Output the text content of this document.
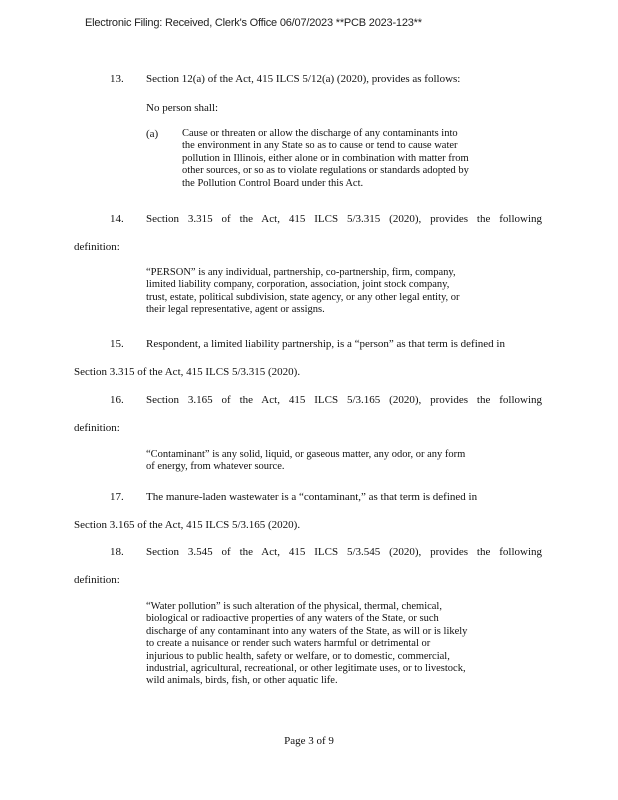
Electronic Filing: Received, Clerk's Office 06/07/2023 **PCB 2023-123**
13. Section 12(a) of the Act, 415 ILCS 5/12(a) (2020), provides as follows:
No person shall:
(a) Cause or threaten or allow the discharge of any contaminants into
the environment in any State so as to cause or tend to cause water
pollution in Illinois, either alone or in combination with matter from
other sources, or so as to violate regulations or standards adopted by
the Pollution Control Board under this Act.
14. Section 3.315 of the Act, 415 ILCS 5/3.315 (2020), provides the following
definition:
“PERSON” is any individual, partnership, co-partnership, firm, company,
limited liability company, corporation, association, joint stock company,
trust, estate, political subdivision, state agency, or any other legal entity, or
their legal representative, agent or assigns.
15. Respondent, a limited liability partnership, is a “person” as that term is defined in
Section 3.315 of the Act, 415 ILCS 5/3.315 (2020).
16. Section 3.165 of the Act, 415 ILCS 5/3.165 (2020), provides the following
definition:
“Contaminant” is any solid, liquid, or gaseous matter, any odor, or any form
of energy, from whatever source.
17. The manure-laden wastewater is a “contaminant,” as that term is defined in
Section 3.165 of the Act, 415 ILCS 5/3.165 (2020).
18. Section 3.545 of the Act, 415 ILCS 5/3.545 (2020), provides the following
definition:
“Water pollution” is such alteration of the physical, thermal, chemical,
biological or radioactive properties of any waters of the State, or such
discharge of any contaminant into any waters of the State, as will or is likely
to create a nuisance or render such waters harmful or detrimental or
injurious to public health, safety or welfare, or to domestic, commercial,
industrial, agricultural, recreational, or other legitimate uses, or to livestock,
wild animals, birds, fish, or other aquatic life.
Page 3 of 9
